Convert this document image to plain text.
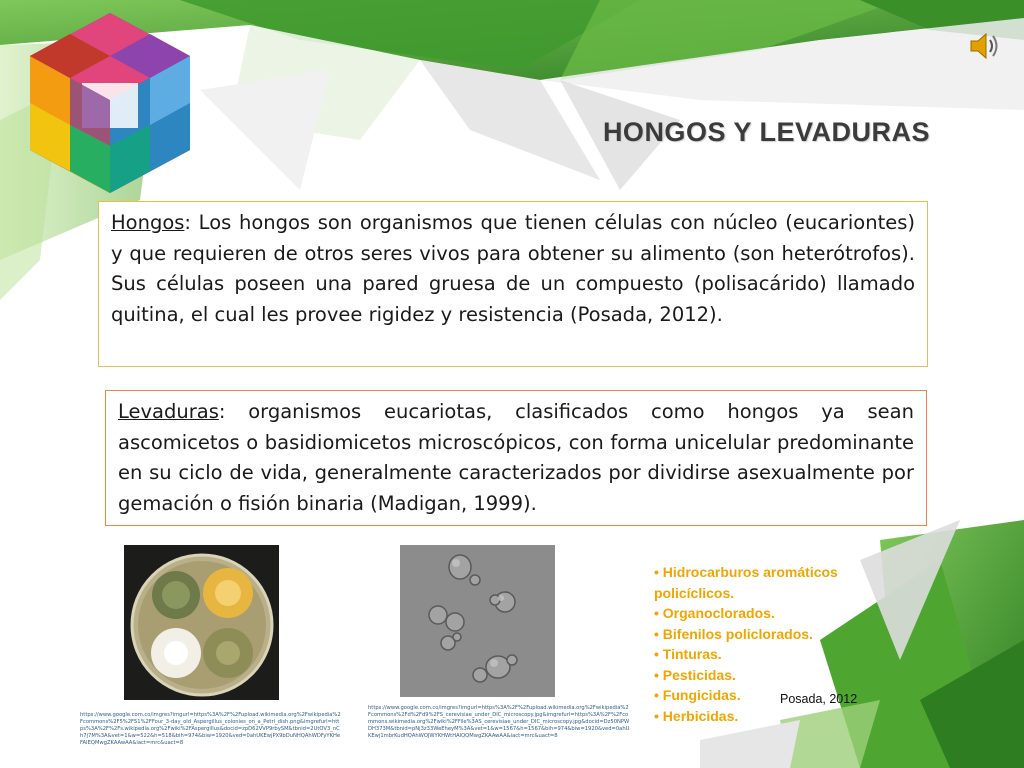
HONGOS Y LEVADURAS
Hongos: Los hongos son organismos que tienen células con núcleo (eucariontes) y que requieren de otros seres vivos para obtener su alimento (son heterótrofos). Sus células poseen una pared gruesa de un compuesto (polisacárido) llamado quitina, el cual les provee rigidez y resistencia (Posada, 2012).
Levaduras: organismos eucariotas, clasificados como hongos ya sean ascomicetos o basidiomicetos microscópicos, con forma unicelular predominante en su ciclo de vida, generalmente caracterizados por dividirse asexualmente por gemación o fisión binaria (Madigan, 1999).
https://www.google.com.co/imgres?imgurl=https%3A%2F%2Fupload.wikimedia.org%2Fwikipedia%2Fcommons%2F5%2F51%2FFour_3-day_old_Aspergillus_colonies_on_a_Petri_dish.png&imgrefurl=https%3A%2F%2Fs.wikipedia.org%2Fwiki%2FAspergillus&docid=zpD62VVP9rbySM&tbnid=2UtOV3_nCh7j7M%3A&vet=1&w=522&h=518&bih=974&biw=1920&ved=0ahUKEwjPX9bDuNHQAhWDFyYKHeFAIEQMwgZKAAwAA&iact=mrc&uact=8
https://www.google.com.co/imgres?imgurl=https%3A%2F%2Fupload.wikimedia.org%2Fwikipedia%2Fcommons%2Fd%2Fd9%2FS_cerevisiae_under_DIC_microscopy.jpg&imgrefurl=https%3A%2F%2Fcommons.wikimedia.org%2Fwiki%2FFile%3AS_cerevisiae_under_DIC_microscopy.jpg&docid=Dz50NPWDH373M&tbnid=pNj3z33WeEheyM%3A&vet=1&w=1567&h=1567&bih=974&biw=1920&ved=0ahUKEwj1mbrKudHQAhWOJWYKHWtHAlQQMwgZKAAwAA&iact=mrc&uact=8
• Hidrocarburos aromáticos policíclicos.
• Organoclorados.
• Bifenilos policlorados.
• Tinturas.
• Pesticidas.
• Fungicidas.
• Herbicidas.
Posada, 2012
